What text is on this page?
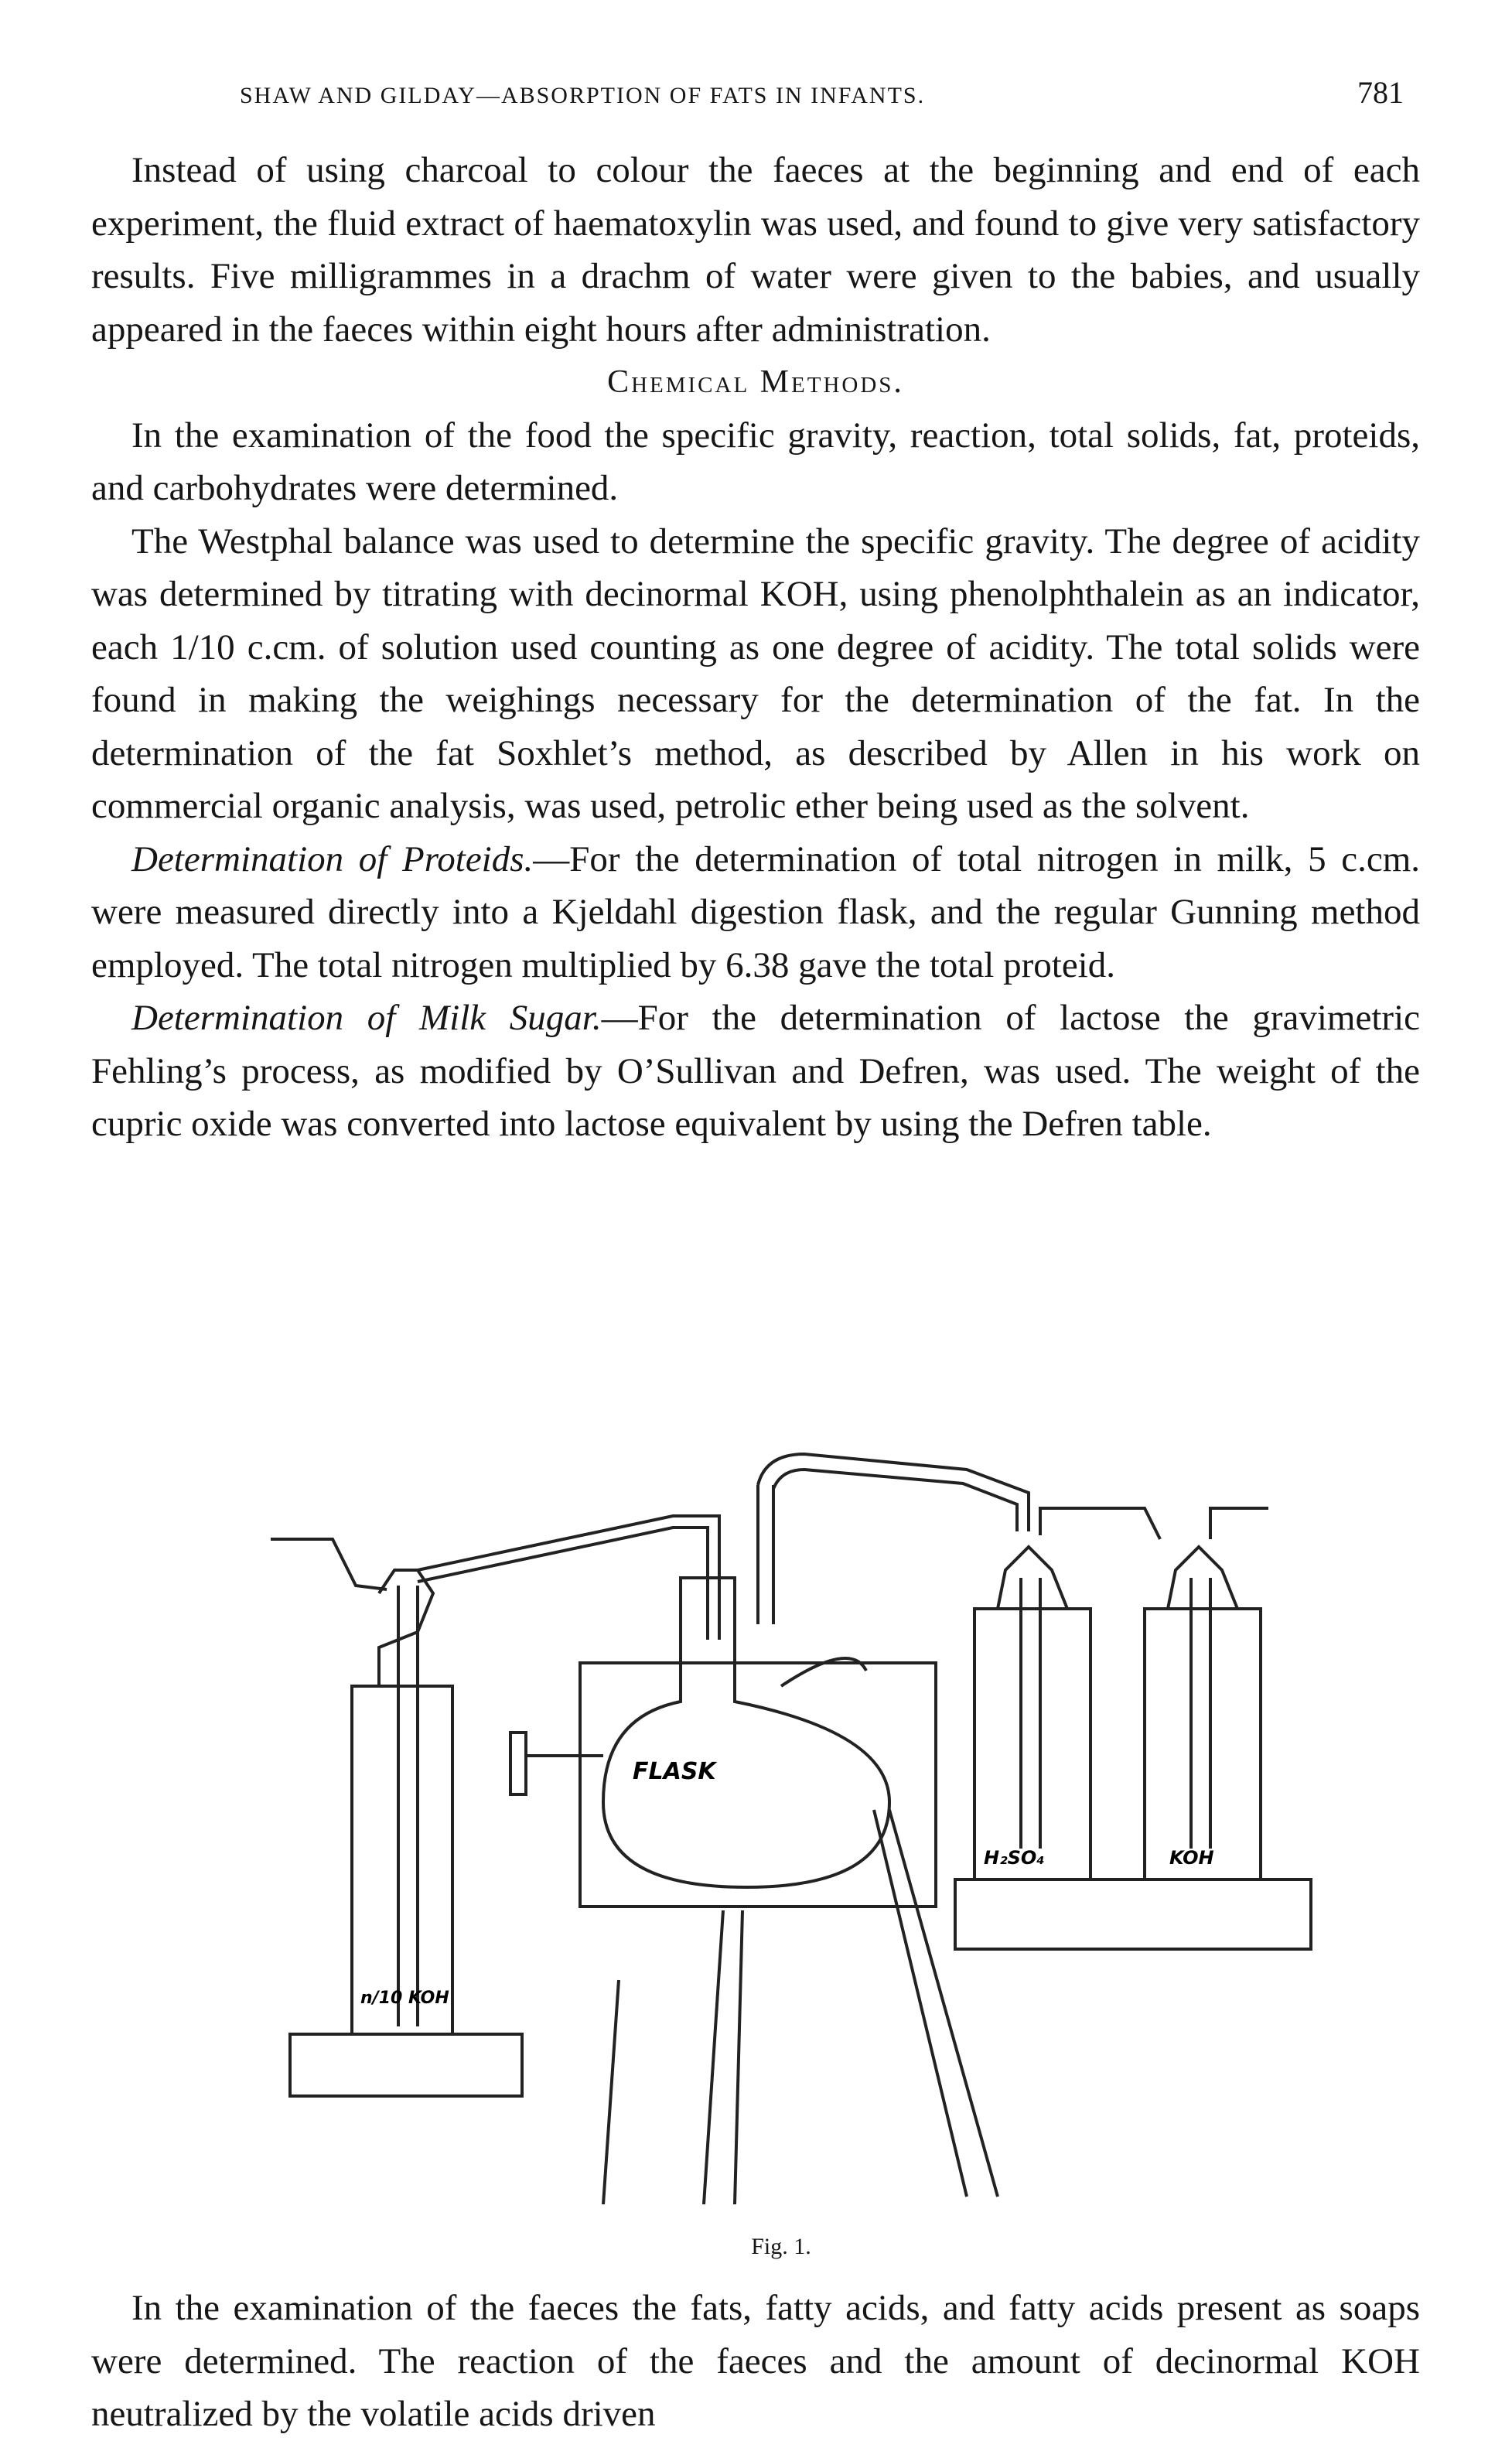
SHAW AND GILDAY—ABSORPTION OF FATS IN INFANTS.	781

Instead of using charcoal to colour the faeces at the beginning and end of each experiment, the fluid extract of haematoxylin was used, and found to give very satisfactory results. Five milligrammes in a drachm of water were given to the babies, and usually appeared in the faeces within eight hours after administration.

Chemical Methods.

In the examination of the food the specific gravity, reaction, total solids, fat, proteids, and carbohydrates were determined.

The Westphal balance was used to determine the specific gravity. The degree of acidity was determined by titrating with decinormal KOH, using phenolphthalein as an indicator, each 1/10 c.cm. of solution used counting as one degree of acidity. The total solids were found in making the weighings necessary for the determination of the fat. In the determination of the fat Soxhlet’s method, as described by Allen in his work on commercial organic analysis, was used, petrolic ether being used as the solvent.

Determination of Proteids.—For the determination of total nitrogen in milk, 5 c.cm. were measured directly into a Kjeldahl digestion flask, and the regular Gunning method employed. The total nitrogen multiplied by 6.38 gave the total proteid.

Determination of Milk Sugar.—For the determination of lactose the gravimetric Fehling’s process, as modified by O’Sullivan and Defren, was used. The weight of the cupric oxide was converted into lactose equivalent by using the Defren table.

FLASK
n/10 KOH
H₂SO₄	KOH
Fig. 1.

In the examination of the faeces the fats, fatty acids, and fatty acids present as soaps were determined. The reaction of the faeces and the amount of decinormal KOH neutralized by the volatile acids driven
